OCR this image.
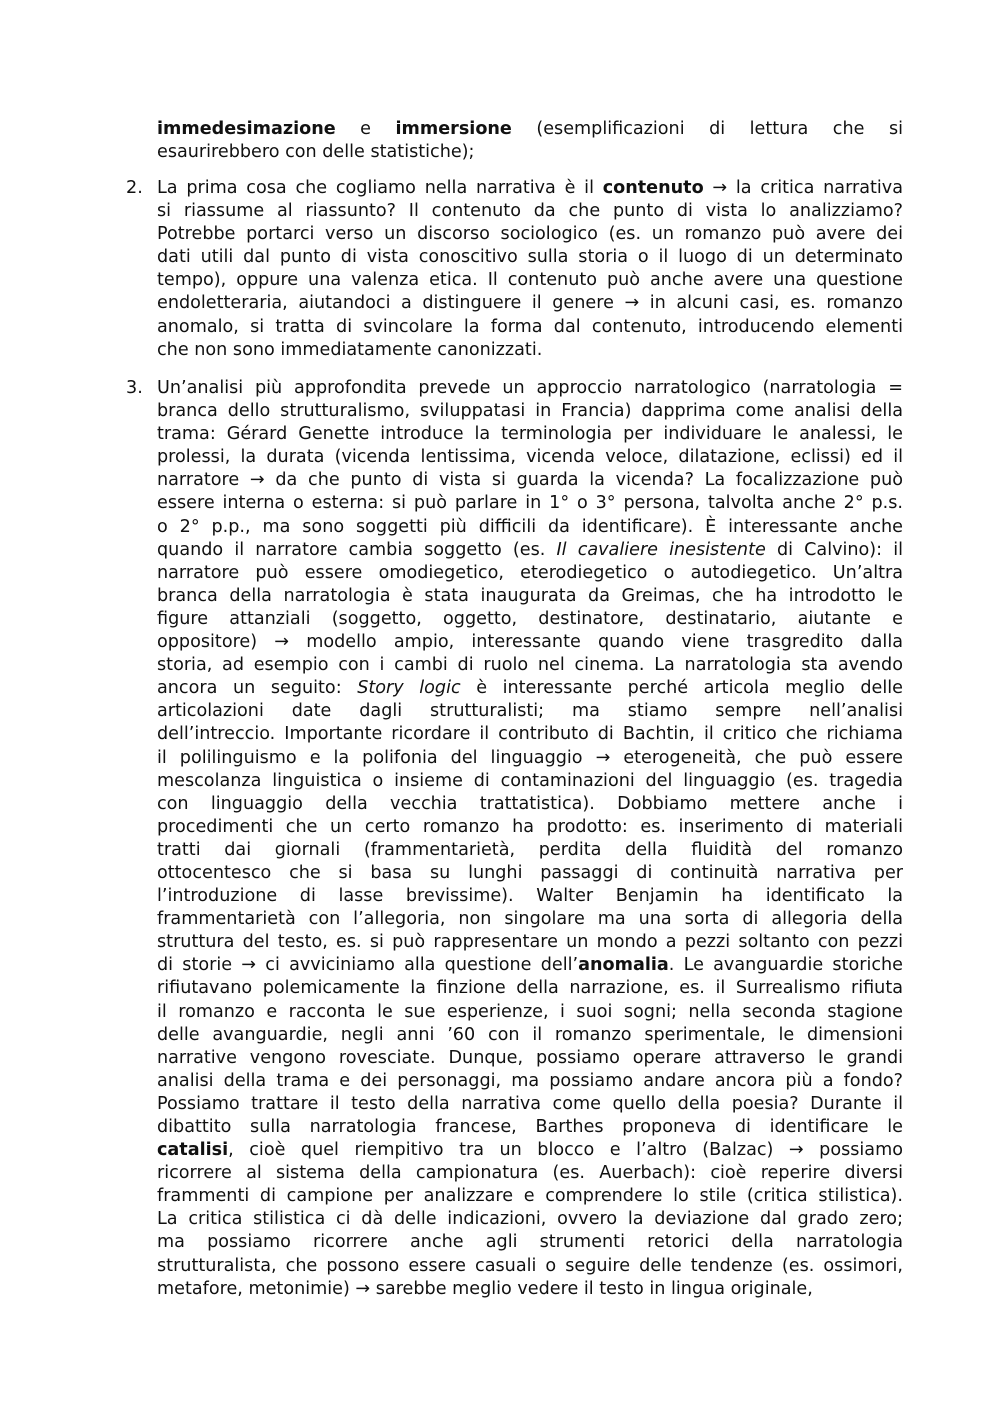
immedesimazione e immersione (esemplificazioni di lettura che si
esaurirebbero con delle statistiche);
2. La prima cosa che cogliamo nella narrativa è il contenuto → la critica narrativa
si riassume al riassunto? Il contenuto da che punto di vista lo analizziamo?
Potrebbe portarci verso un discorso sociologico (es. un romanzo può avere dei
dati utili dal punto di vista conoscitivo sulla storia o il luogo di un determinato
tempo), oppure una valenza etica. Il contenuto può anche avere una questione
endoletteraria, aiutandoci a distinguere il genere → in alcuni casi, es. romanzo
anomalo, si tratta di svincolare la forma dal contenuto, introducendo elementi
che non sono immediatamente canonizzati.
3. Un’analisi più approfondita prevede un approccio narratologico (narratologia =
branca dello strutturalismo, sviluppatasi in Francia) dapprima come analisi della
trama: Gérard Genette introduce la terminologia per individuare le analessi, le
prolessi, la durata (vicenda lentissima, vicenda veloce, dilatazione, eclissi) ed il
narratore → da che punto di vista si guarda la vicenda? La focalizzazione può
essere interna o esterna: si può parlare in 1° o 3° persona, talvolta anche 2° p.s.
o 2° p.p., ma sono soggetti più difficili da identificare). È interessante anche
quando il narratore cambia soggetto (es. Il cavaliere inesistente di Calvino): il
narratore può essere omodiegetico, eterodiegetico o autodiegetico. Un’altra
branca della narratologia è stata inaugurata da Greimas, che ha introdotto le
figure attanziali (soggetto, oggetto, destinatore, destinatario, aiutante e
oppositore) → modello ampio, interessante quando viene trasgredito dalla
storia, ad esempio con i cambi di ruolo nel cinema. La narratologia sta avendo
ancora un seguito: Story logic è interessante perché articola meglio delle
articolazioni date dagli strutturalisti; ma stiamo sempre nell’analisi
dell’intreccio. Importante ricordare il contributo di Bachtin, il critico che richiama
il polilinguismo e la polifonia del linguaggio → eterogeneità, che può essere
mescolanza linguistica o insieme di contaminazioni del linguaggio (es. tragedia
con linguaggio della vecchia trattatistica). Dobbiamo mettere anche i
procedimenti che un certo romanzo ha prodotto: es. inserimento di materiali
tratti dai giornali (frammentarietà, perdita della fluidità del romanzo
ottocentesco che si basa su lunghi passaggi di continuità narrativa per
l’introduzione di lasse brevissime). Walter Benjamin ha identificato la
frammentarietà con l’allegoria, non singolare ma una sorta di allegoria della
struttura del testo, es. si può rappresentare un mondo a pezzi soltanto con pezzi
di storie → ci avviciniamo alla questione dell’anomalia. Le avanguardie storiche
rifiutavano polemicamente la finzione della narrazione, es. il Surrealismo rifiuta
il romanzo e racconta le sue esperienze, i suoi sogni; nella seconda stagione
delle avanguardie, negli anni ’60 con il romanzo sperimentale, le dimensioni
narrative vengono rovesciate. Dunque, possiamo operare attraverso le grandi
analisi della trama e dei personaggi, ma possiamo andare ancora più a fondo?
Possiamo trattare il testo della narrativa come quello della poesia? Durante il
dibattito sulla narratologia francese, Barthes proponeva di identificare le
catalisi, cioè quel riempitivo tra un blocco e l’altro (Balzac) → possiamo
ricorrere al sistema della campionatura (es. Auerbach): cioè reperire diversi
frammenti di campione per analizzare e comprendere lo stile (critica stilistica).
La critica stilistica ci dà delle indicazioni, ovvero la deviazione dal grado zero;
ma possiamo ricorrere anche agli strumenti retorici della narratologia
strutturalista, che possono essere casuali o seguire delle tendenze (es. ossimori,
metafore, metonimie) → sarebbe meglio vedere il testo in lingua originale,
